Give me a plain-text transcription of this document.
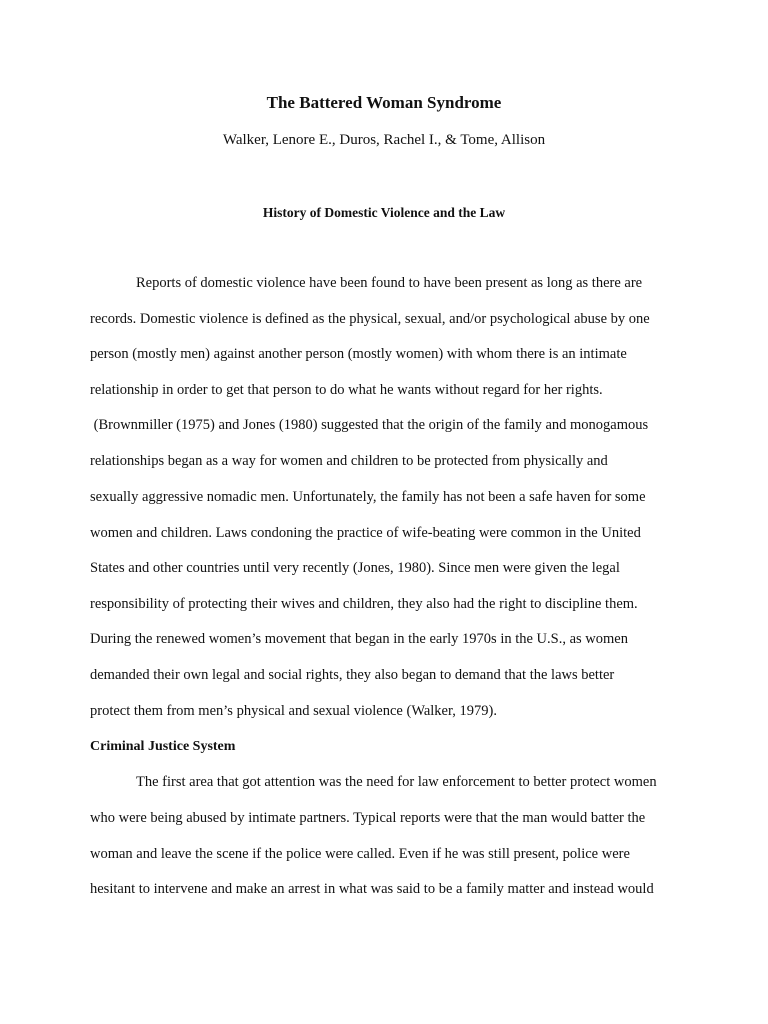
The Battered Woman Syndrome

Walker, Lenore E., Duros, Rachel I., & Tome, Allison

History of Domestic Violence and the Law

Reports of domestic violence have been found to have been present as long as there are

records. Domestic violence is defined as the physical, sexual, and/or psychological abuse by one

person (mostly men) against another person (mostly women) with whom there is an intimate

relationship in order to get that person to do what he wants without regard for her rights.

(Brownmiller (1975) and Jones (1980) suggested that the origin of the family and monogamous

relationships began as a way for women and children to be protected from physically and

sexually aggressive nomadic men. Unfortunately, the family has not been a safe haven for some

women and children. Laws condoning the practice of wife-beating were common in the United

States and other countries until very recently (Jones, 1980). Since men were given the legal

responsibility of protecting their wives and children, they also had the right to discipline them.

During the renewed women’s movement that began in the early 1970s in the U.S., as women

demanded their own legal and social rights, they also began to demand that the laws better

protect them from men’s physical and sexual violence (Walker, 1979).

Criminal Justice System

The first area that got attention was the need for law enforcement to better protect women

who were being abused by intimate partners. Typical reports were that the man would batter the

woman and leave the scene if the police were called. Even if he was still present, police were

hesitant to intervene and make an arrest in what was said to be a family matter and instead would
